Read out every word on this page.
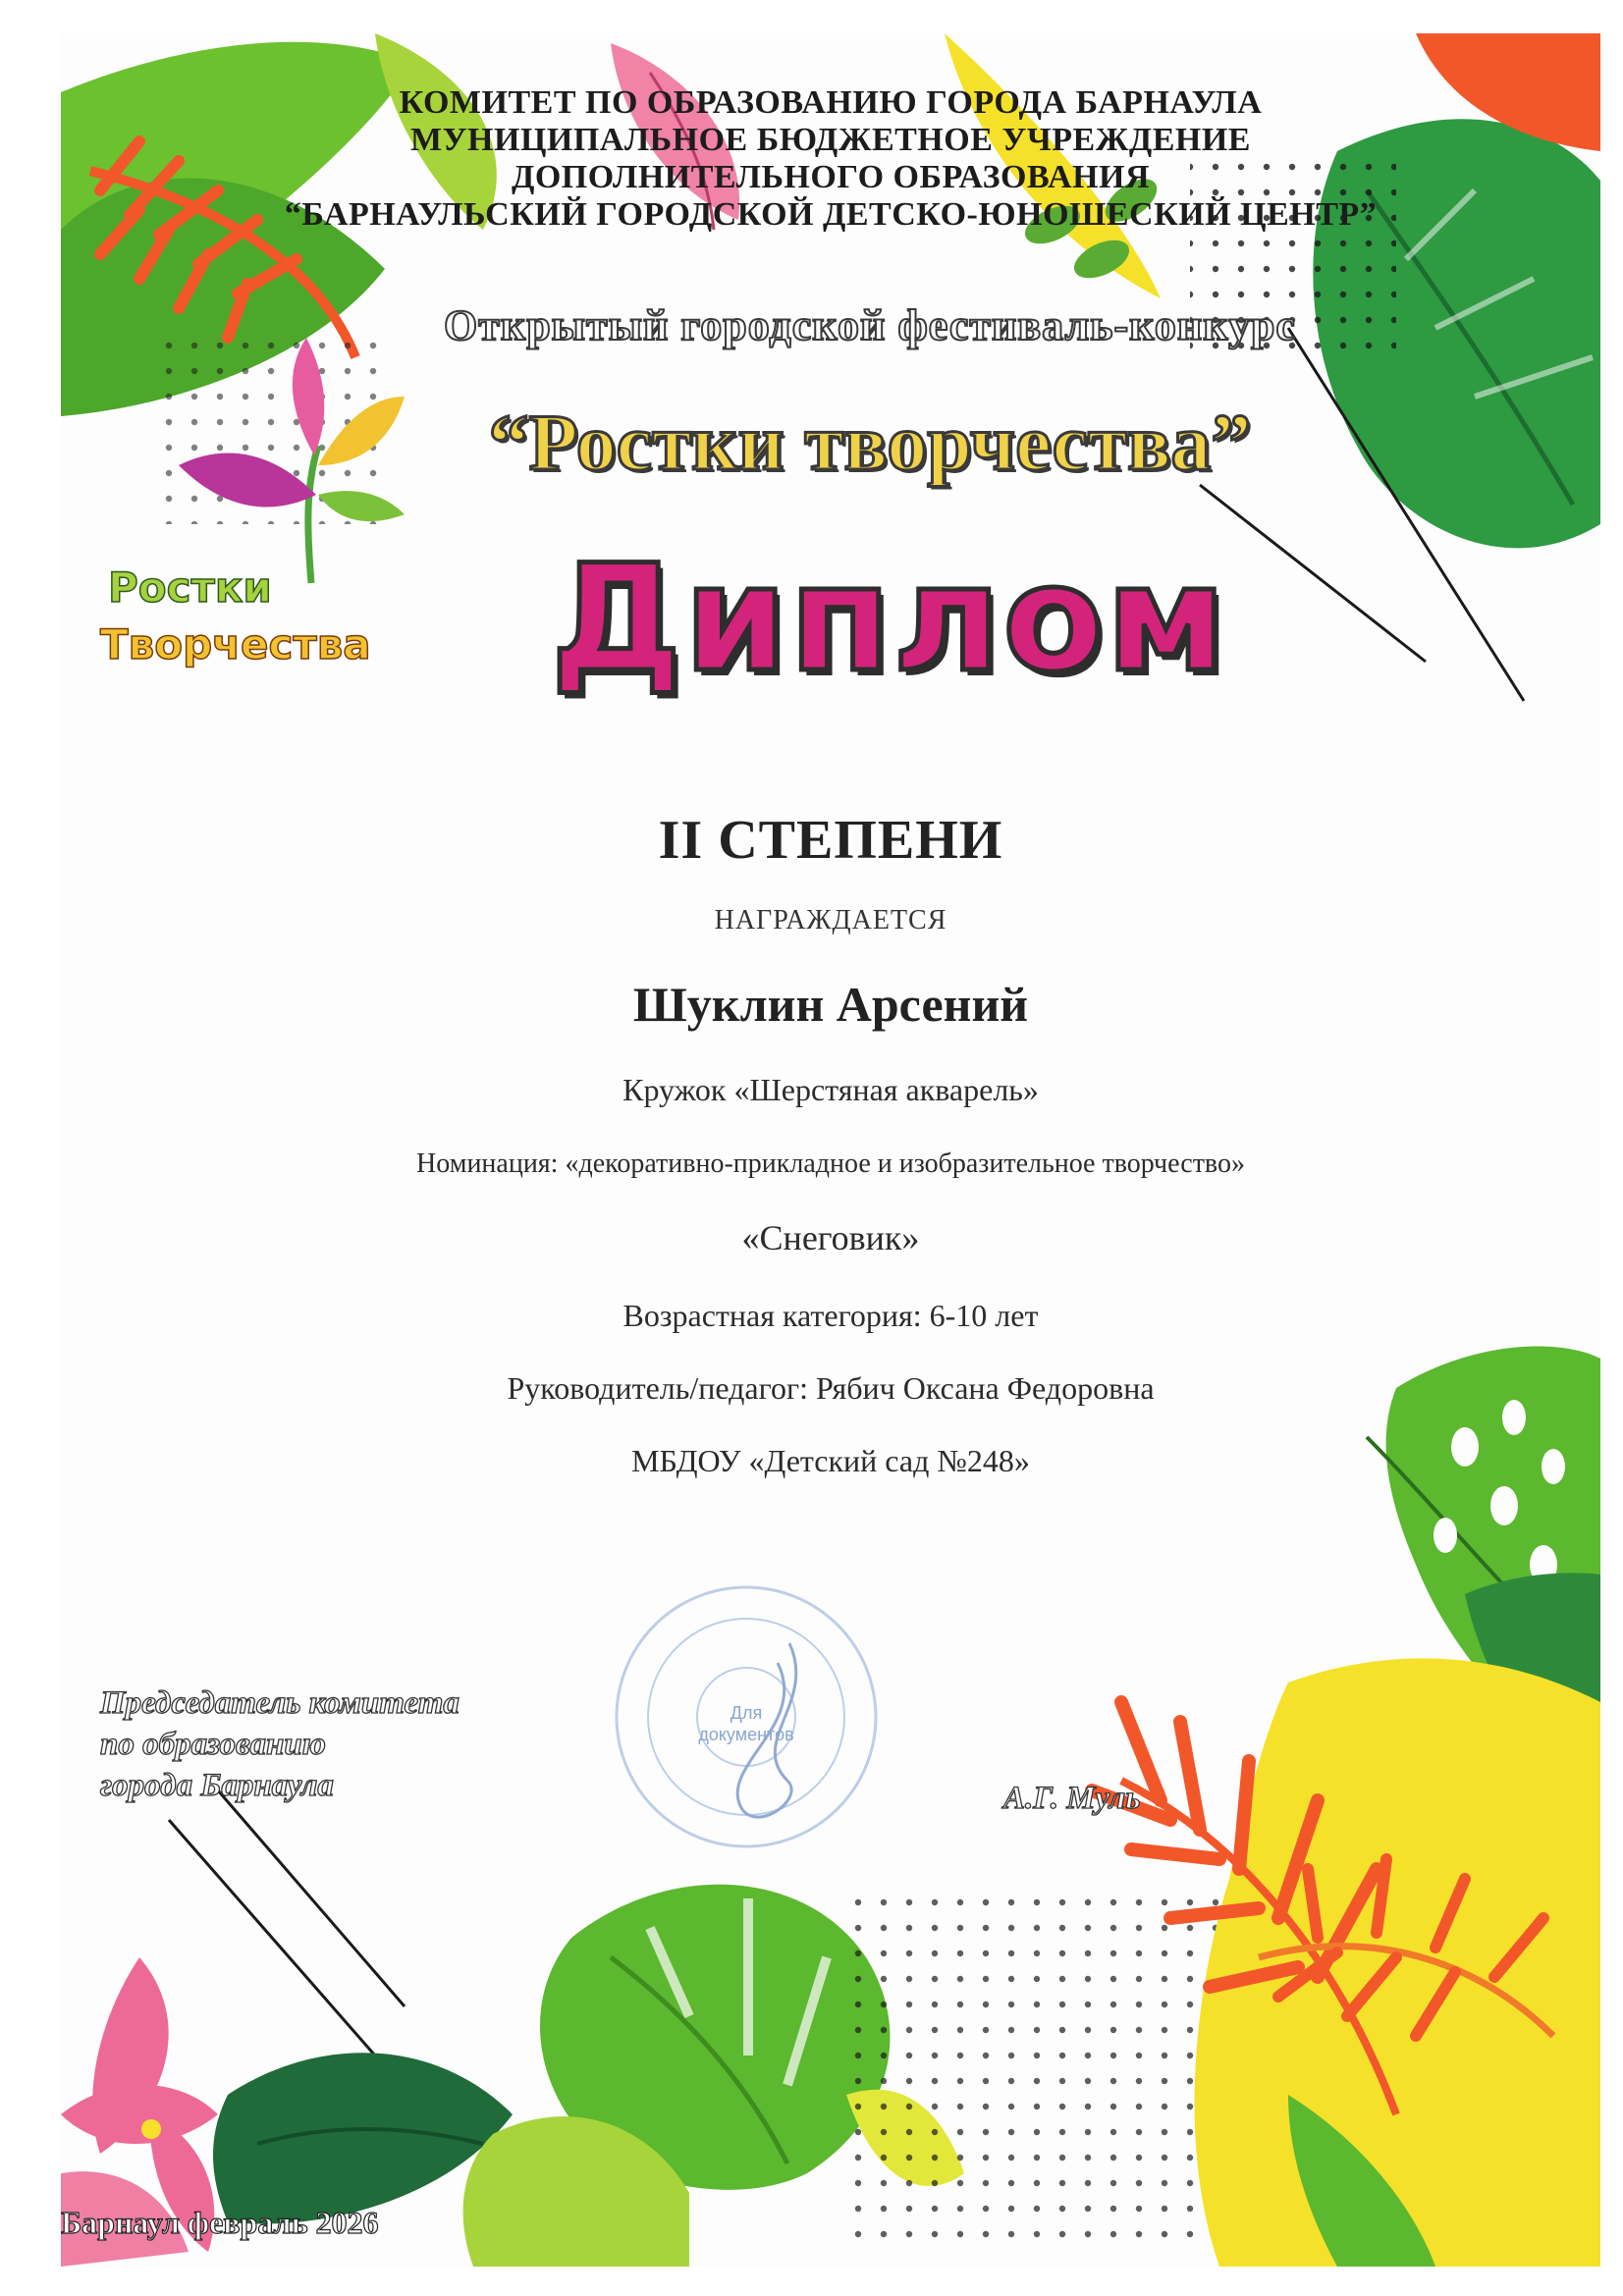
КОМИТЕТ ПО ОБРАЗОВАНИЮ ГОРОДА БАРНАУЛА

МУНИЦИПАЛЬНОЕ БЮДЖЕТНОЕ УЧРЕЖДЕНИЕ

ДОПОЛНИТЕЛЬНОГО ОБРАЗОВАНИЯ

“БАРНАУЛЬСКИЙ ГОРОДСКОЙ ДЕТСКО-ЮНОШЕСКИЙ ЦЕНТР”

Открытый городской фестиваль-конкурс

“Ростки творчества”

Ростки

Творчества	Диплом

II СТЕПЕНИ

НАГРАЖДАЕТСЯ

Шуклин Арсений

Кружок «Шерстяная акварель»

Номинация: «декоративно-прикладное и изобразительное творчество»

«Снеговик»

Возрастная категория: 6-10 лет

Руководитель/педагог: Рябич Оксана Федоровна

МБДОУ «Детский сад №248»

Для
документов

Председатель комитета
по образованию
города Барнаула	А.Г. Муль

Барнаул февраль 2026
